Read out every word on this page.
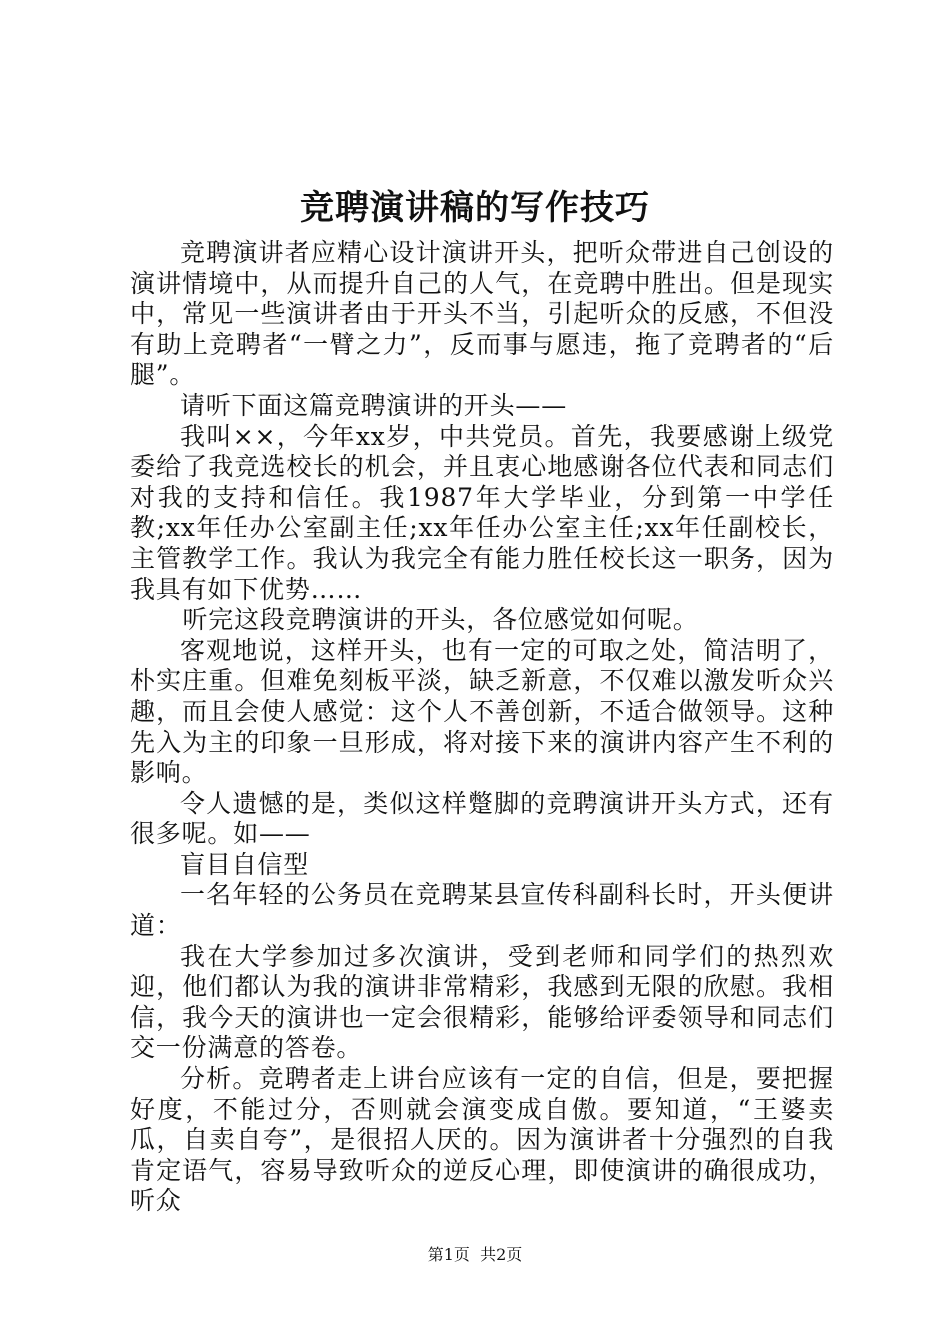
竞聘演讲稿的写作技巧

竞聘演讲者应精心设计演讲开头，把听众带进自己创设的演讲情境中，从而提升自己的人气，在竞聘中胜出。但是现实中，常见一些演讲者由于开头不当，引起听众的反感，不但没有助上竞聘者“一臂之力”，反而事与愿违，拖了竞聘者的“后腿”。

请听下面这篇竞聘演讲的开头——

我叫××，今年xx岁，中共党员。首先，我要感谢上级党委给了我竞选校长的机会，并且衷心地感谢各位代表和同志们对我的支持和信任。我1987年大学毕业，分到第一中学任教;xx年任办公室副主任;xx年任办公室主任;xx年任副校长，主管教学工作。我认为我完全有能力胜任校长这一职务，因为我具有如下优势……

听完这段竞聘演讲的开头，各位感觉如何呢。

客观地说，这样开头，也有一定的可取之处，简洁明了，朴实庄重。但难免刻板平淡，缺乏新意，不仅难以激发听众兴趣，而且会使人感觉：这个人不善创新，不适合做领导。这种先入为主的印象一旦形成，将对接下来的演讲内容产生不利的影响。

令人遗憾的是，类似这样蹩脚的竞聘演讲开头方式，还有很多呢。如——

盲目自信型

一名年轻的公务员在竞聘某县宣传科副科长时，开头便讲道：

我在大学参加过多次演讲，受到老师和同学们的热烈欢迎，他们都认为我的演讲非常精彩，我感到无限的欣慰。我相信，我今天的演讲也一定会很精彩，能够给评委领导和同志们交一份满意的答卷。

分析。竞聘者走上讲台应该有一定的自信，但是，要把握好度，不能过分，否则就会演变成自傲。要知道，“王婆卖瓜，自卖自夸”，是很招人厌的。因为演讲者十分强烈的自我肯定语气，容易导致听众的逆反心理，即使演讲的确很成功，听众

第1页 共2页
